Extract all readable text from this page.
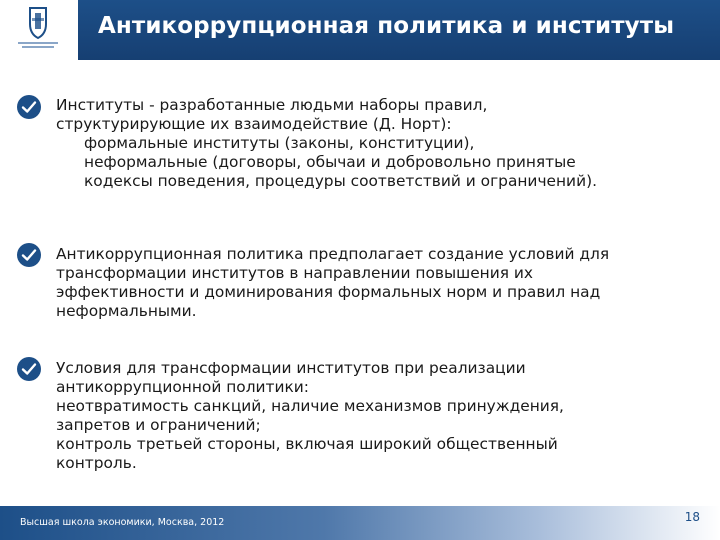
Антикоррупционная политика и институты
Институты - разработанные людьми наборы правил,
структурирующие их взаимодействие (Д. Норт):
формальные институты (законы, конституции),
неформальные (договоры, обычаи и добровольно принятые
кодексы поведения, процедуры соответствий и ограничений).
Антикоррупционная политика предполагает создание условий для
трансформации институтов в направлении повышения их
эффективности и доминирования формальных норм и правил над
неформальными.
Условия для трансформации институтов при реализации
антикоррупционной политики:
неотвратимость санкций, наличие механизмов принуждения,
запретов и ограничений;
контроль третьей стороны, включая широкий общественный
контроль.
Высшая школа экономики, Москва, 2012	18
